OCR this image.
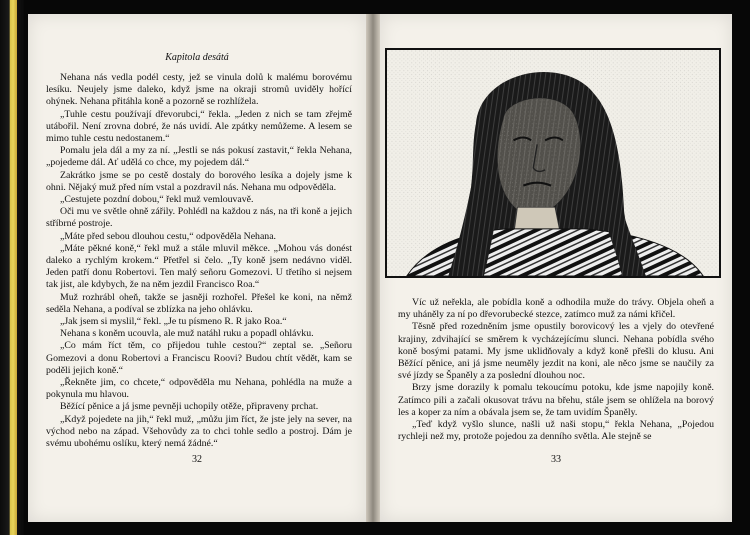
Kapitola desátá

Nehana nás vedla podél cesty, jež se vinula dolů k malému borovému lesíku. Neujely jsme daleko, když jsme na okraji stromů uviděly hořící ohýnek. Nehana přitáhla koně a pozorně se rozhlížela.

„Tuhle cestu používají dřevorubci,“ řekla. „Jeden z nich se tam zřejmě utábořil. Není zrovna dobré, že nás uvidí. Ale zpátky nemůžeme. A lesem se mimo tuhle cestu nedostanem.“

Pomalu jela dál a my za ní. „Jestli se nás pokusí zastavit,“ řekla Nehana, „pojedeme dál. Ať udělá co chce, my pojedem dál.“

Zakrátko jsme se po cestě dostaly do borového lesíka a dojely jsme k ohni. Nějaký muž před ním vstal a pozdravil nás. Nehana mu odpověděla.

„Cestujete pozdní dobou,“ řekl muž vemlouvavě.

Oči mu ve světle ohně zářily. Pohlédl na každou z nás, na tři koně a jejich stříbrné postroje.

„Máte před sebou dlouhou cestu,“ odpověděla Nehana.

„Máte pěkné koně,“ řekl muž a stále mluvil měkce. „Mohou vás donést daleko a rychlým krokem.“ Přetřel si čelo. „Ty koně jsem nedávno viděl. Jeden patří donu Robertovi. Ten malý señoru Gomezovi. U třetího si nejsem tak jist, ale kdybych, že na něm jezdil Francisco Roa.“

Muž rozhrábl oheň, takže se jasněji rozhořel. Přešel ke koni, na němž seděla Nehana, a podíval se zblízka na jeho ohlávku.

„Jak jsem si myslil,“ řekl. „Je tu písmeno R. R jako Roa.“

Nehana s koněm ucouvla, ale muž natáhl ruku a popadl ohlávku.

„Co mám říct těm, co přijedou tuhle cestou?“ zeptal se. „Señoru Gomezovi a donu Robertovi a Franciscu Roovi? Budou chtít vědět, kam se poděli jejich koně.“

„Řekněte jim, co chcete,“ odpověděla mu Nehana, pohlédla na muže a pokynula mu hlavou.

Běžící pěnice a já jsme pevněji uchopily otěže, připraveny prchat.

„Když pojedete na jih,“ řekl muž, „můžu jim říct, že jste jely na sever, na východ nebo na západ. Všehovůdy za to chci tohle sedlo a postroj. Dám je svému ubohému oslíku, který nemá žádné.“

32

Víc už neřekla, ale pobídla koně a odhodila muže do trávy. Objela oheň a my uháněly za ní po dřevorubecké stezce, zatímco muž za námi křičel.

Těsně před rozedněním jsme opustily borovicový les a vjely do otevřené krajiny, zdvihající se směrem k vycházejícímu slunci. Nehana pobídla svého koně bosými patami. My jsme uklidňovaly a když koně přešli do klusu. Ani Běžící pěnice, ani já jsme neuměly jezdit na koni, ale něco jsme se naučily za své jízdy se Španěly a za poslední dlouhou noc.

Brzy jsme dorazily k pomalu tekoucímu potoku, kde jsme napojily koně. Zatímco pili a začali okusovat trávu na břehu, stále jsem se ohlížela na borový les a koper za ním a obávala jsem se, že tam uvidím Španěly.

„Teď když vyšlo slunce, našli už naši stopu,“ řekla Nehana, „Pojedou rychleji než my, protože pojedou za denního světla. Ale stejně se

33
